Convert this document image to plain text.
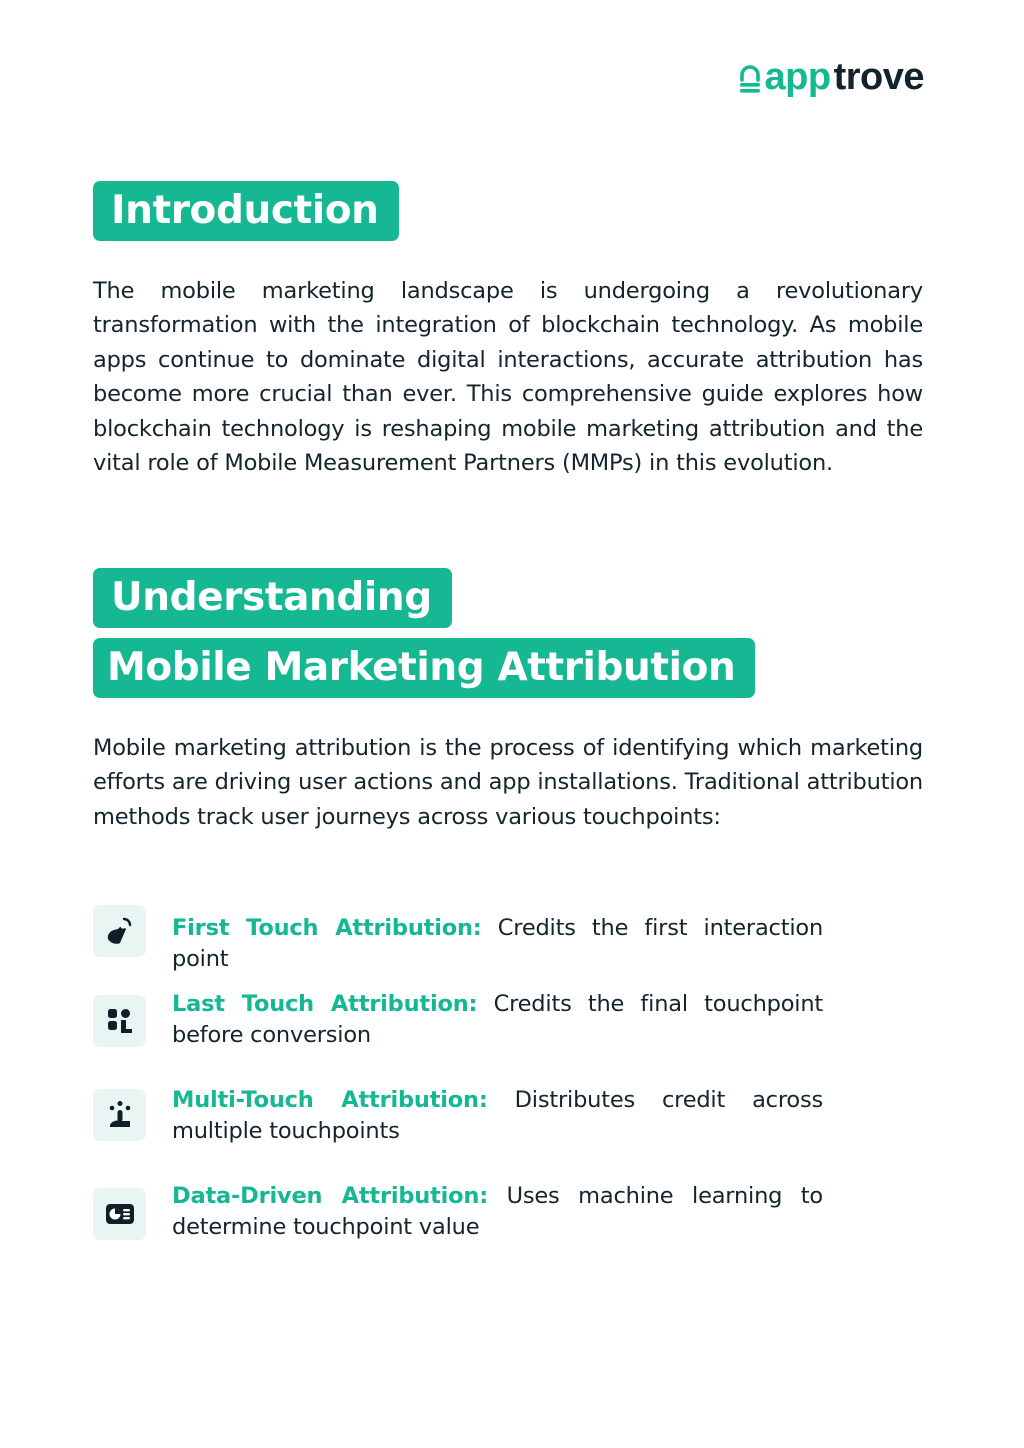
app trove
Introduction
The mobile marketing landscape is undergoing a revolutionary transformation with the integration of blockchain technology. As mobile apps continue to dominate digital interactions, accurate attribution has become more crucial than ever. This comprehensive guide explores how blockchain technology is reshaping mobile marketing attribution and the vital role of Mobile Measurement Partners (MMPs) in this evolution.
Understanding
Mobile Marketing Attribution
Mobile marketing attribution is the process of identifying which marketing efforts are driving user actions and app installations. Traditional attribution methods track user journeys across various touchpoints:
First Touch Attribution: Credits the first interaction point
Last Touch Attribution: Credits the final touchpoint before conversion
Multi-Touch Attribution: Distributes credit across multiple touchpoints
Data-Driven Attribution: Uses machine learning to determine touchpoint value
